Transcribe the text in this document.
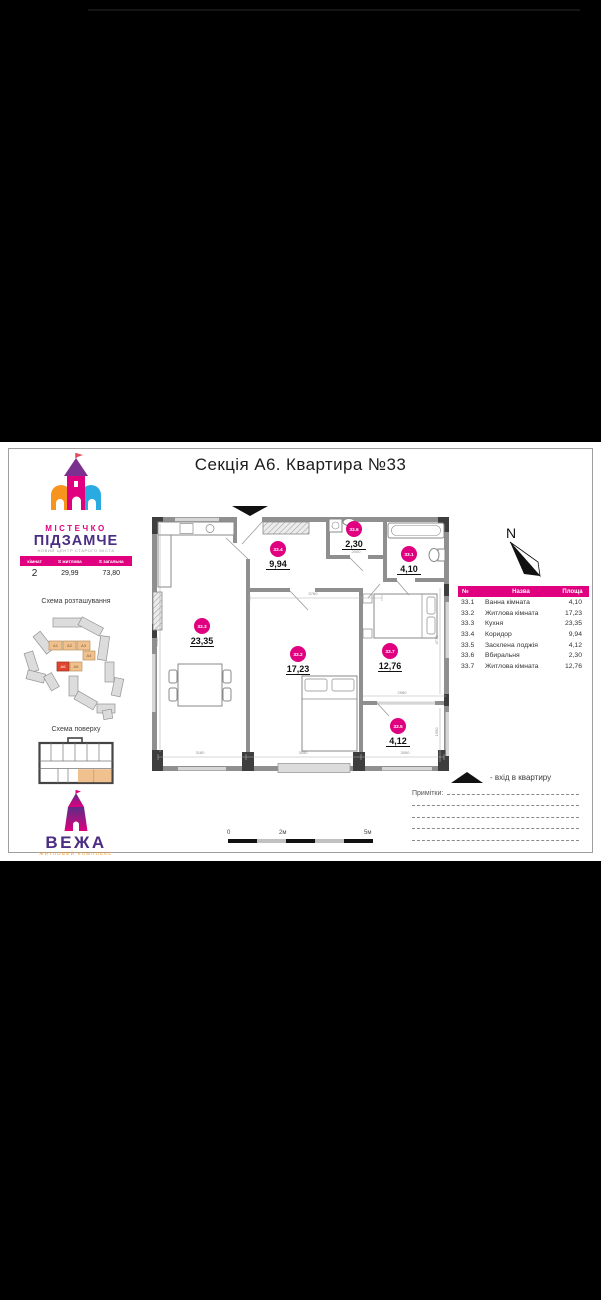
Секція А6. Квартира №33
МІСТЕЧКО
ПІДЗАМЧЕ
НОВИЙ ЦЕНТР СТАРОГО МІСТА
кімнат	S житлова	S загальна
2	29,99	73,80
Схема розташування
А1 А2 А3
А4
А6 А5
Схема поверху
ВЕЖА
ЖИТЛОВИЙ КОМПЛЕКС
3180	3050	3050
5760
2000
2980
6640	4770
1550
33.3
23,35
33.4
9,94
33.6
2,30
33.1
4,10
33.2
17,23
33.7
12,76
33.5
4,12
N
№	Назва	Площа
33.1	Ванна кімната	4,10
33.2	Житлова кімната	17,23
33.3	Кухня	23,35
33.4	Коридор	9,94
33.5	Засклена лоджія	4,12
33.6	Вбиральня	2,30
33.7	Житлова кімната	12,76
- вхід в квартиру
Примітки:
0	2м	5м
